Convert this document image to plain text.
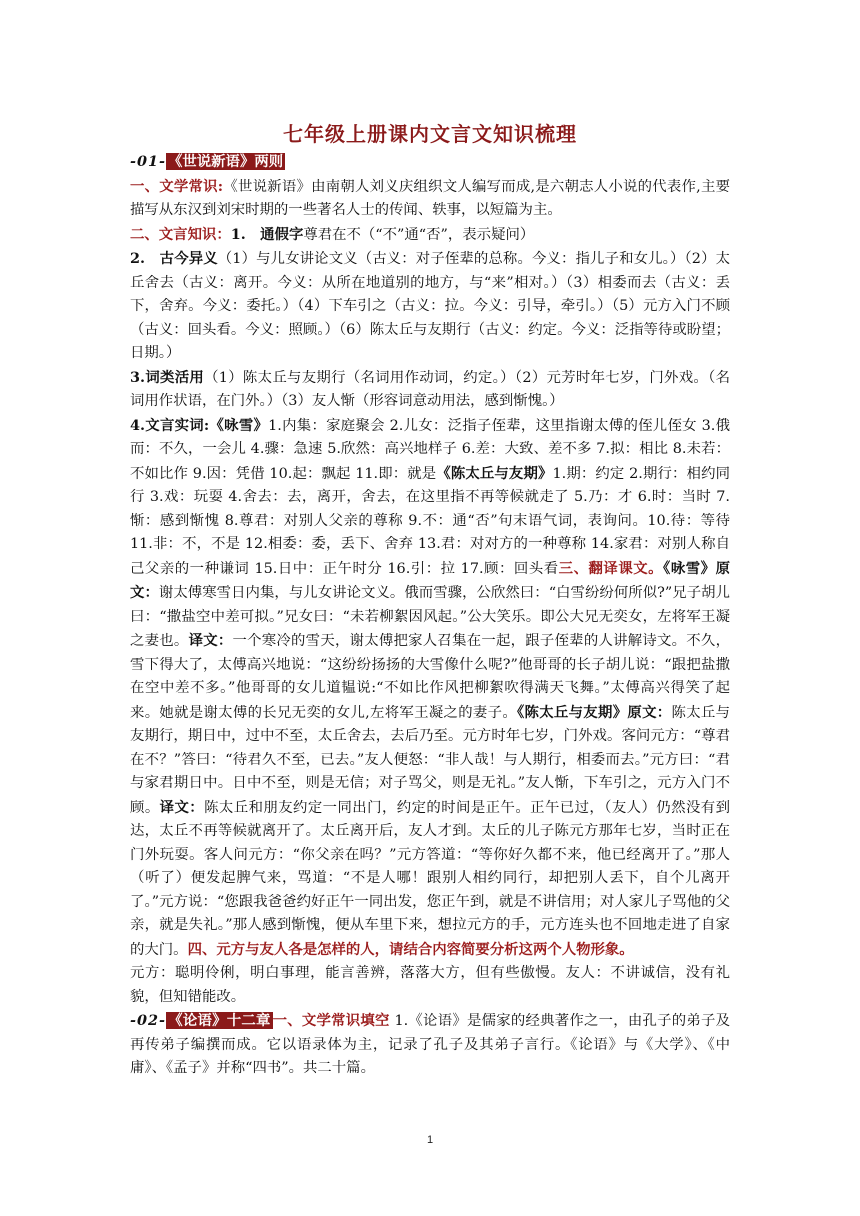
七年级上册课内文言文知识梳理

-01- 《世说新语》两则

一、文学常识:《世说新语》由南朝人刘义庆组织文人编写而成,是六朝志人小说的代表作,主要描写从东汉到刘宋时期的一些著名人士的传闻、轶事，以短篇为主。

二、文言知识：1.　通假字尊君在不（“不”通“否”，表示疑问）

2.　古今异义（1）与儿女讲论文义（古义：对子侄辈的总称。今义：指儿子和女儿。）（2）太丘舍去（古义：离开。今义：从所在地道别的地方，与“来”相对。）（3）相委而去（古义：丢下，舍弃。今义：委托。）（4）下车引之（古义：拉。今义：引导，牵引。）（5）元方入门不顾（古义：回头看。今义：照顾。）（6）陈太丘与友期行（古义：约定。今义：泛指等待或盼望；日期。）

3.词类活用（1）陈太丘与友期行（名词用作动词，约定。）（2）元芳时年七岁，门外戏。（名词用作状语，在门外。）（3）友人惭（形容词意动用法，感到惭愧。）

4.文言实词:《咏雪》1.内集：家庭聚会 2.儿女：泛指子侄辈，这里指谢太傅的侄儿侄女 3.俄而：不久，一会儿 4.骤：急速 5.欣然：高兴地样子 6.差：大致、差不多 7.拟：相比 8.未若：不如比作 9.因：凭借 10.起：飘起 11.即：就是《陈太丘与友期》1.期：约定 2.期行：相约同行 3.戏：玩耍 4.舍去：去，离开，舍去，在这里指不再等候就走了 5.乃：才 6.时：当时 7.惭：感到惭愧 8.尊君：对别人父亲的尊称 9.不：通“否”句末语气词，表询问。10.待：等待 11.非：不，不是 12.相委：委，丢下、舍弃 13.君：对对方的一种尊称 14.家君：对别人称自己父亲的一种谦词 15.日中：正午时分 16.引：拉 17.顾：回头看三、翻译课文。《咏雪》原文：谢太傅寒雪日内集，与儿女讲论文义。俄而雪骤，公欣然曰：“白雪纷纷何所似?”兄子胡儿曰：“撒盐空中差可拟。”兄女曰：“未若柳絮因风起。”公大笑乐。即公大兄无奕女，左将军王凝之妻也。译文：一个寒冷的雪天，谢太傅把家人召集在一起，跟子侄辈的人讲解诗文。不久，雪下得大了，太傅高兴地说：“这纷纷扬扬的大雪像什么呢?”他哥哥的长子胡儿说：“跟把盐撒在空中差不多。”他哥哥的女儿道韫说:“不如比作风把柳絮吹得满天飞舞。”太傅高兴得笑了起来。她就是谢太傅的长兄无奕的女儿,左将军王凝之的妻子。《陈太丘与友期》原文：陈太丘与友期行，期日中，过中不至，太丘舍去，去后乃至。元方时年七岁，门外戏。客问元方：“尊君在不？”答曰：“待君久不至，已去。”友人便怒：“非人哉！与人期行，相委而去。”元方曰：“君与家君期日中。日中不至，则是无信；对子骂父，则是无礼。”友人惭，下车引之，元方入门不顾。译文：陈太丘和朋友约定一同出门，约定的时间是正午。正午已过，（友人）仍然没有到达，太丘不再等候就离开了。太丘离开后，友人才到。太丘的儿子陈元方那年七岁，当时正在门外玩耍。客人问元方：“你父亲在吗？”元方答道：“等你好久都不来，他已经离开了。”那人（听了）便发起脾气来，骂道：“不是人哪！跟别人相约同行，却把别人丢下，自个儿离开了。”元方说：“您跟我爸爸约好正午一同出发，您正午到，就是不讲信用；对人家儿子骂他的父亲，就是失礼。”那人感到惭愧，便从车里下来，想拉元方的手，元方连头也不回地走进了自家的大门。四、元方与友人各是怎样的人，请结合内容简要分析这两个人物形象。

元方：聪明伶俐，明白事理，能言善辨，落落大方，但有些傲慢。友人：不讲诚信，没有礼貌，但知错能改。

-02- 《论语》十二章 一、文学常识填空 1.《论语》是儒家的经典著作之一，由孔子的弟子及再传弟子编撰而成。它以语录体为主，记录了孔子及其弟子言行。《论语》与《大学》、《中庸》、《孟子》并称“四书”。共二十篇。

1
